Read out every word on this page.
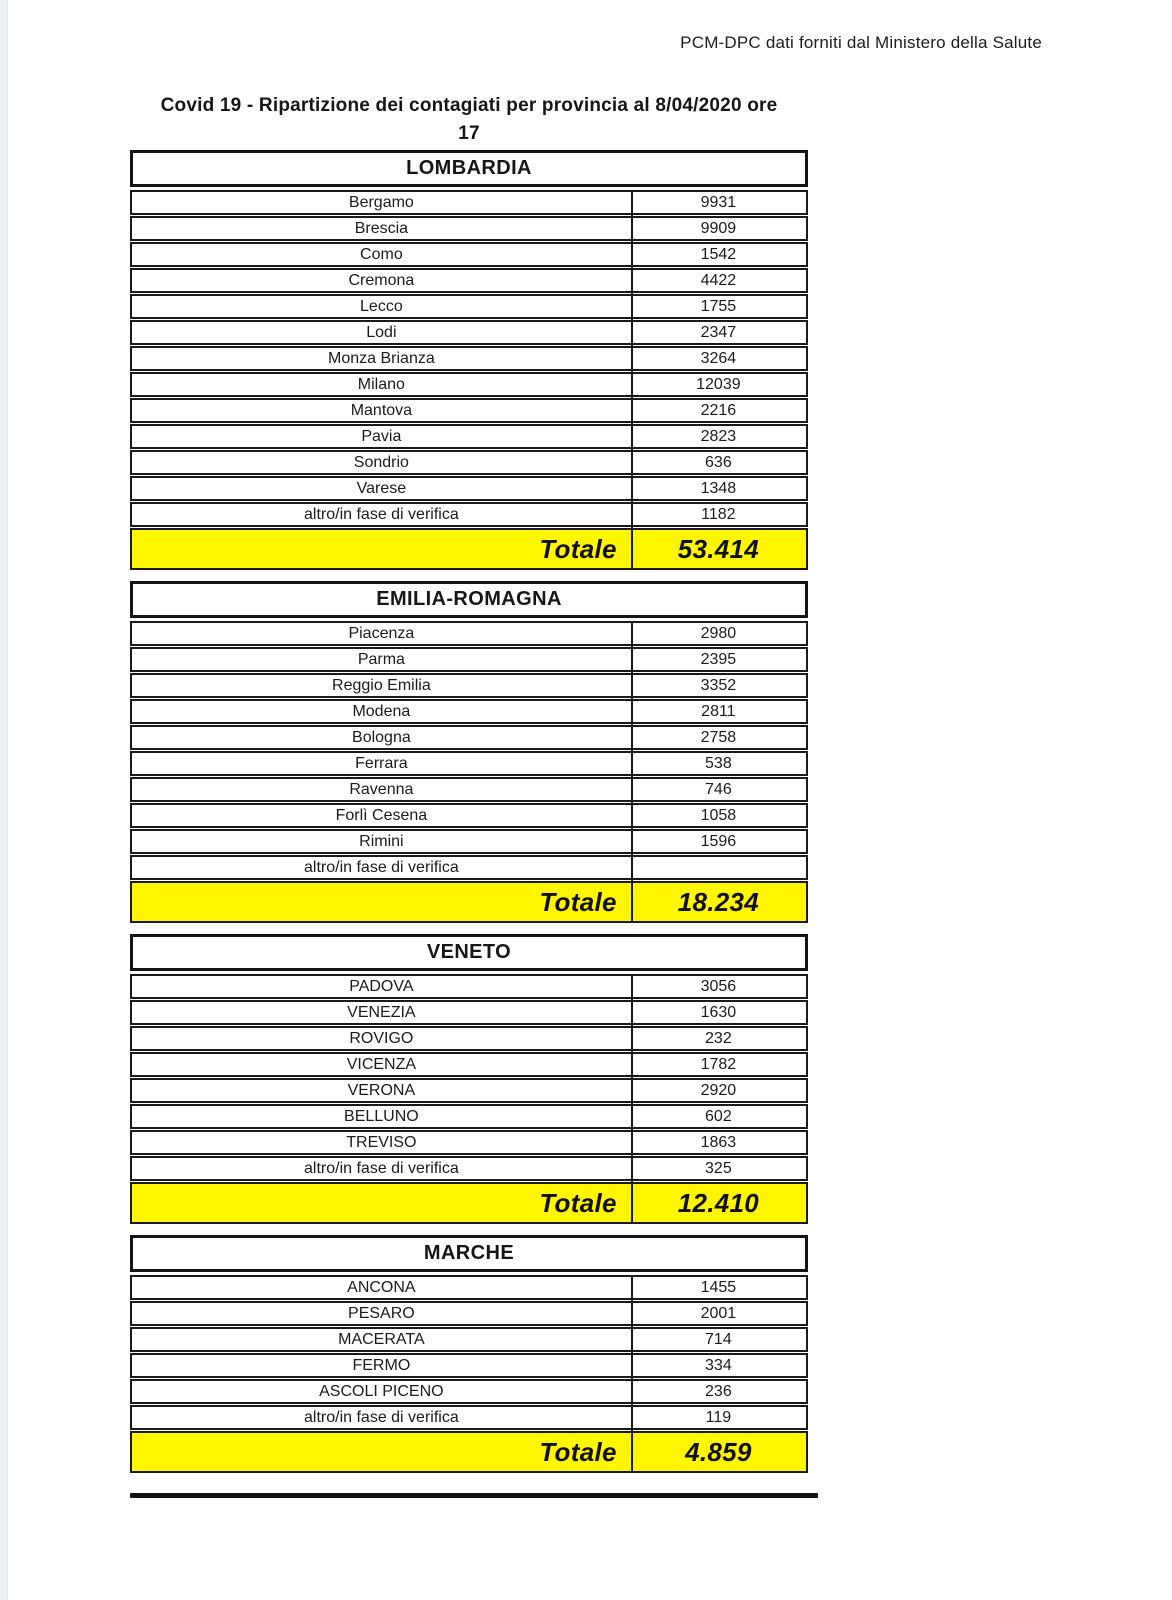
PCM-DPC dati forniti dal Ministero della Salute
Covid 19 - Ripartizione dei contagiati per provincia al 8/04/2020 ore
17
LOMBARDIA
Bergamo	9931
Brescia	9909
Como	1542
Cremona	4422
Lecco	1755
Lodi	2347
Monza Brianza	3264
Milano	12039
Mantova	2216
Pavia	2823
Sondrio	636
Varese	1348
altro/in fase di verifica	1182
Totale	53.414
EMILIA-ROMAGNA
Piacenza	2980
Parma	2395
Reggio Emilia	3352
Modena	2811
Bologna	2758
Ferrara	538
Ravenna	746
Forlì Cesena	1058
Rimini	1596
altro/in fase di verifica
Totale	18.234
VENETO
PADOVA	3056
VENEZIA	1630
ROVIGO	232
VICENZA	1782
VERONA	2920
BELLUNO	602
TREVISO	1863
altro/in fase di verifica	325
Totale	12.410
MARCHE
ANCONA	1455
PESARO	2001
MACERATA	714
FERMO	334
ASCOLI PICENO	236
altro/in fase di verifica	119
Totale	4.859
